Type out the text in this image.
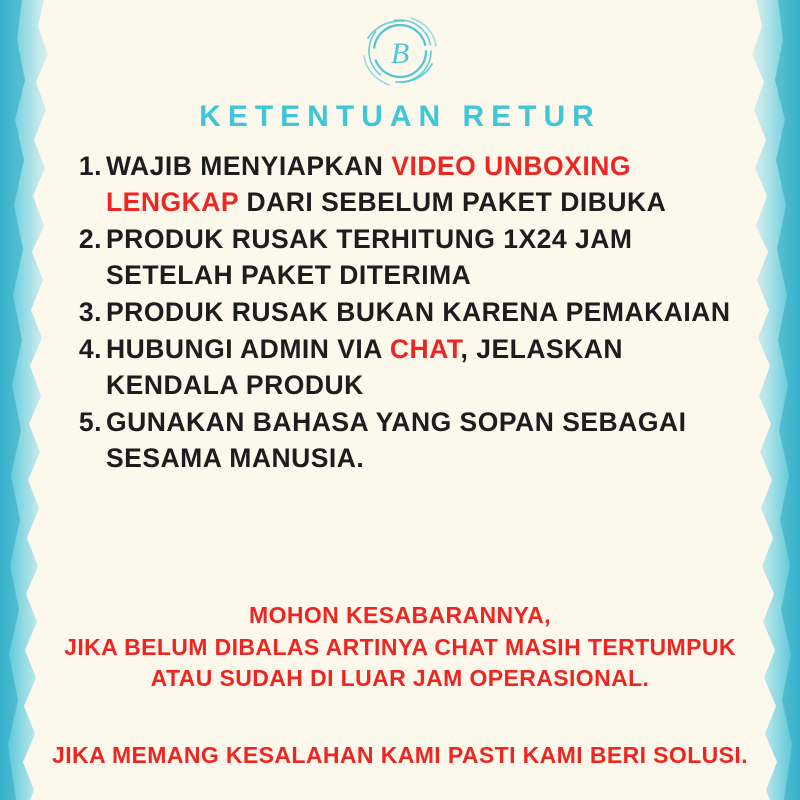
B
KETENTUAN RETUR
1. WAJIB MENYIAPKAN VIDEO UNBOXING LENGKAP DARI SEBELUM PAKET DIBUKA
2. PRODUK RUSAK TERHITUNG 1X24 JAM SETELAH PAKET DITERIMA
3. PRODUK RUSAK BUKAN KARENA PEMAKAIAN
4. HUBUNGI ADMIN VIA CHAT, JELASKAN KENDALA PRODUK
5. GUNAKAN BAHASA YANG SOPAN SEBAGAI SESAMA MANUSIA.
MOHON KESABARANNYA,
JIKA BELUM DIBALAS ARTINYA CHAT MASIH TERTUMPUK
ATAU SUDAH DI LUAR JAM OPERASIONAL.
JIKA MEMANG KESALAHAN KAMI PASTI KAMI BERI SOLUSI.
